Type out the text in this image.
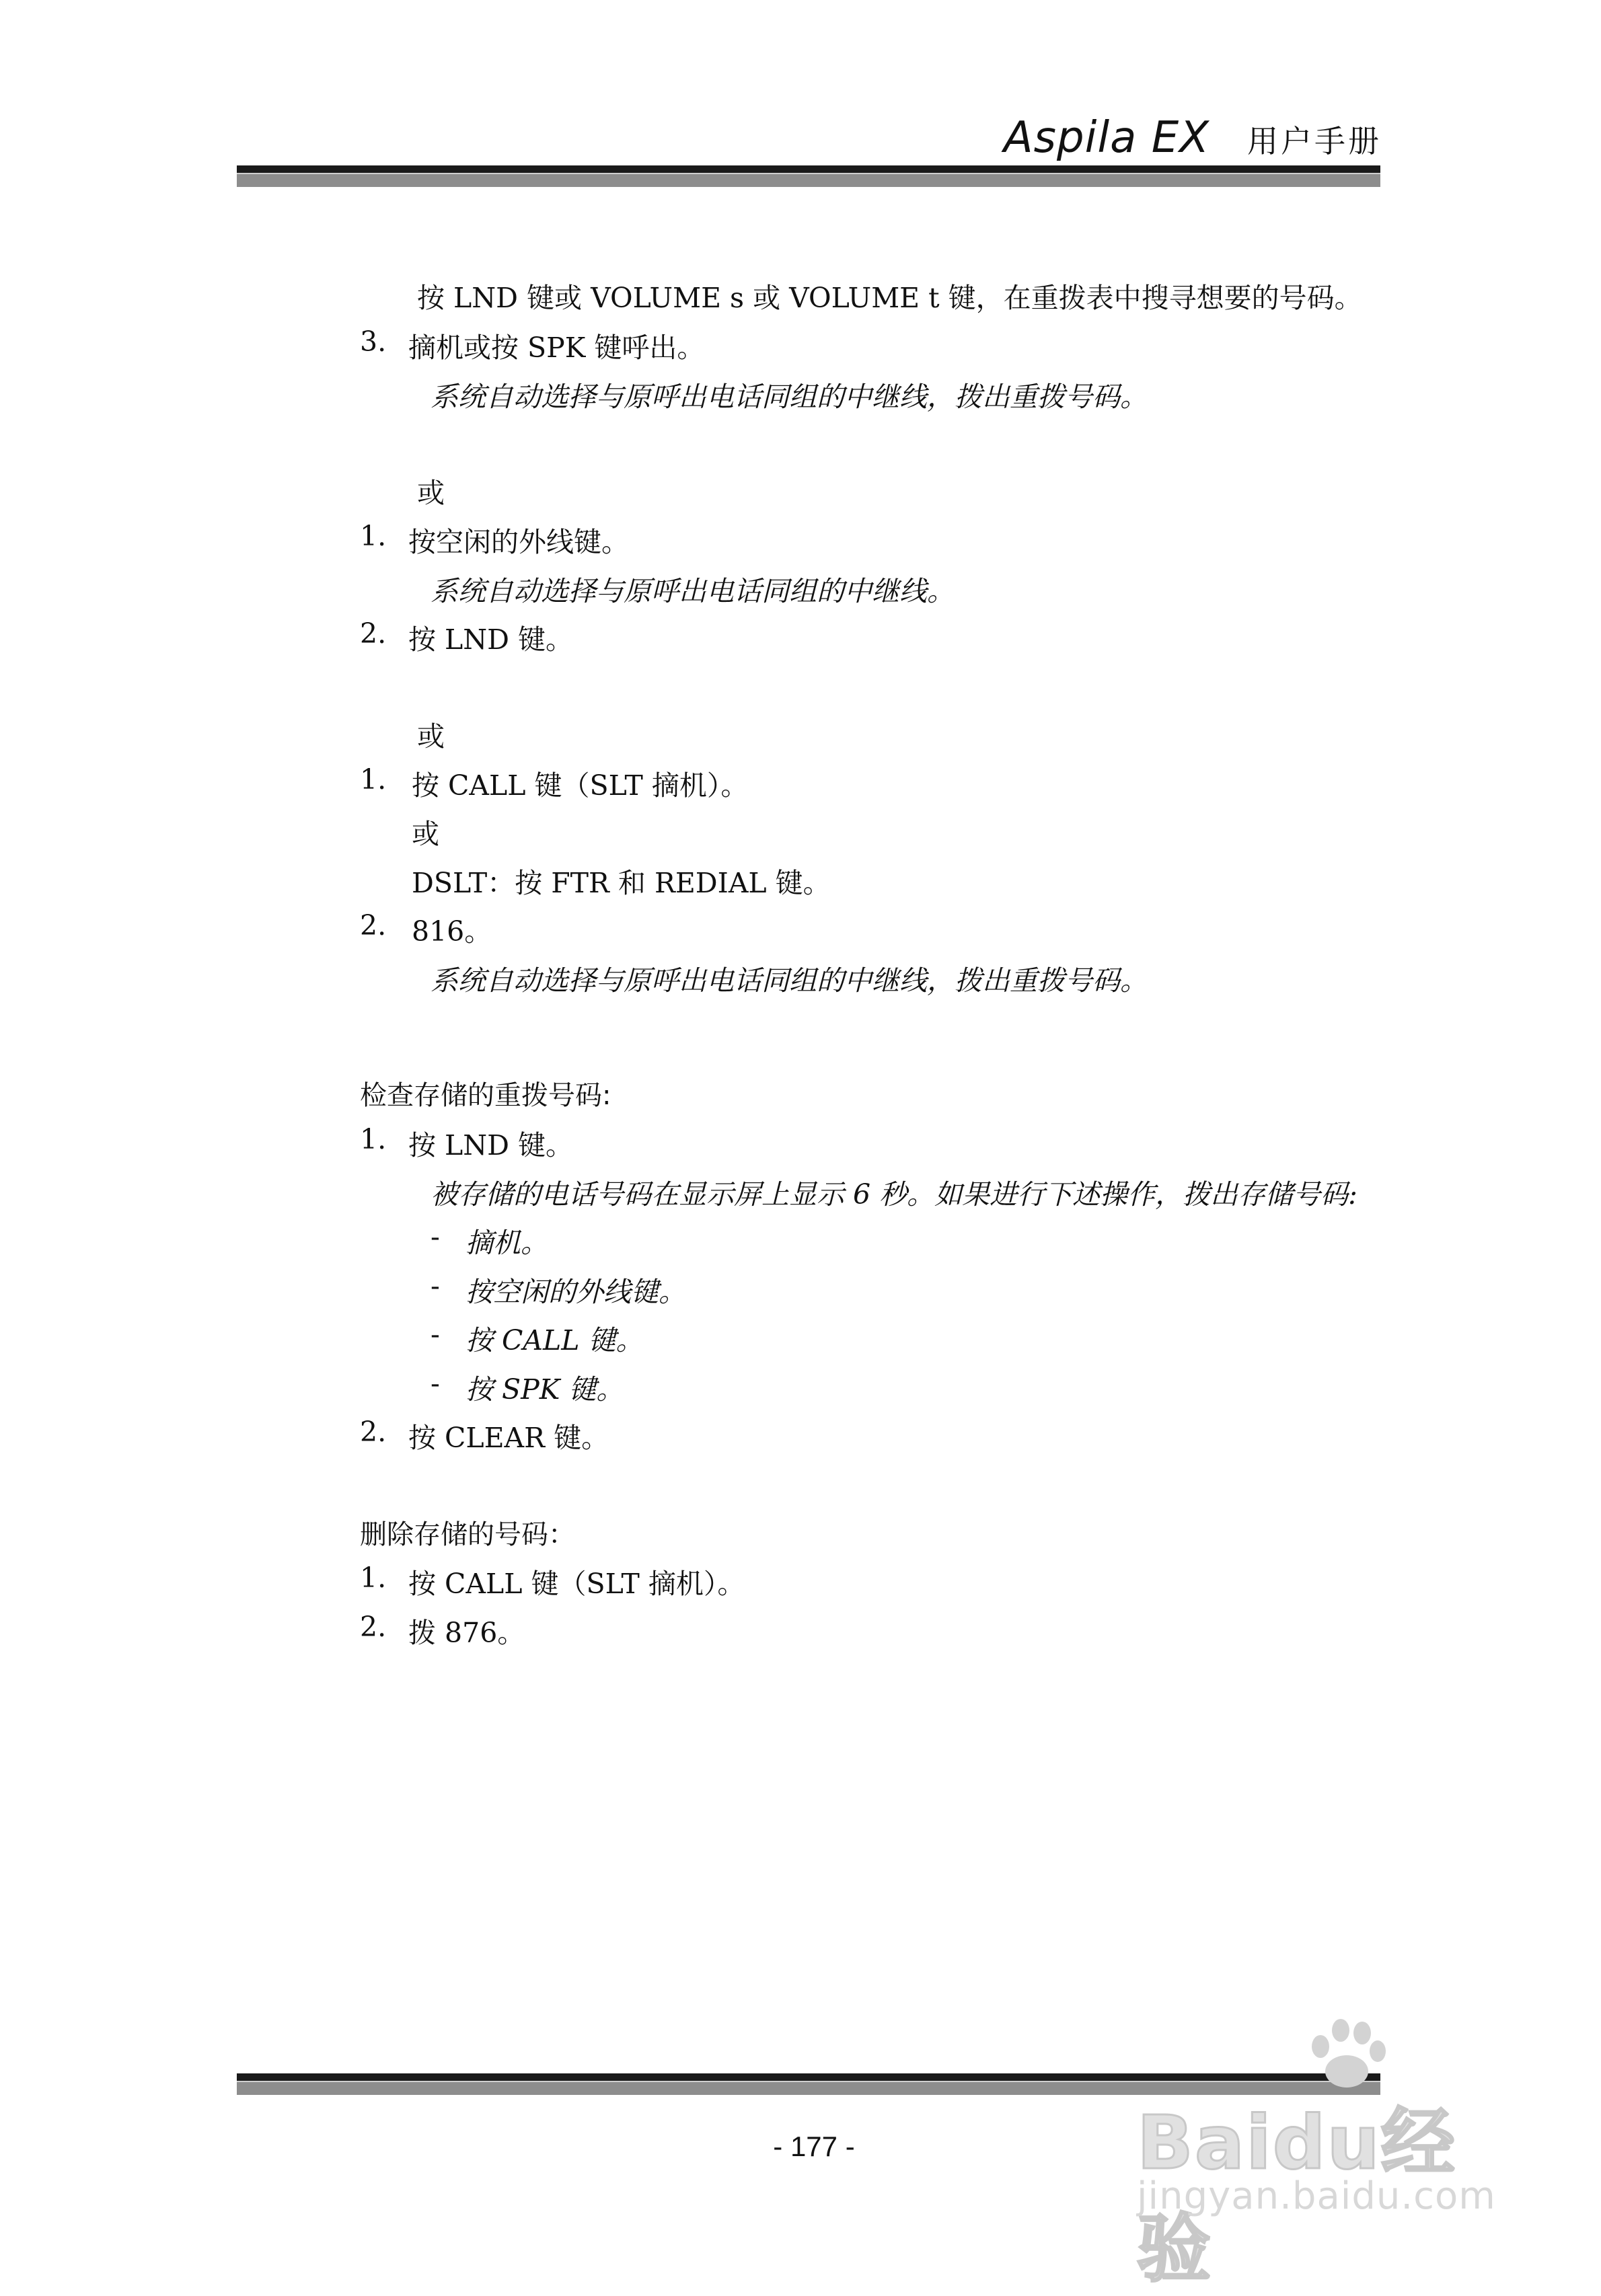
Aspila EX 用户手册
按 LND 键或 VOLUME s 或 VOLUME t 键，在重拨表中搜寻想要的号码。
3. 摘机或按 SPK 键呼出。
系统自动选择与原呼出电话同组的中继线，拨出重拨号码。
或
1. 按空闲的外线键。
系统自动选择与原呼出电话同组的中继线。
2. 按 LND 键。
或
1. 按 CALL 键（SLT 摘机）。
或
DSLT：按 FTR 和 REDIAL 键。
2. 816。
系统自动选择与原呼出电话同组的中继线，拨出重拨号码。
检查存储的重拨号码:
1. 按 LND 键。
被存储的电话号码在显示屏上显示 6 秒。如果进行下述操作，拨出存储号码:
- 摘机。
- 按空闲的外线键。
- 按 CALL 键。
- 按 SPK 键。
2. 按 CLEAR 键。
删除存储的号码：
1. 按 CALL 键（SLT 摘机）。
2. 拨 876。
- 177 -	Baidu经验
jingyan.baidu.com
